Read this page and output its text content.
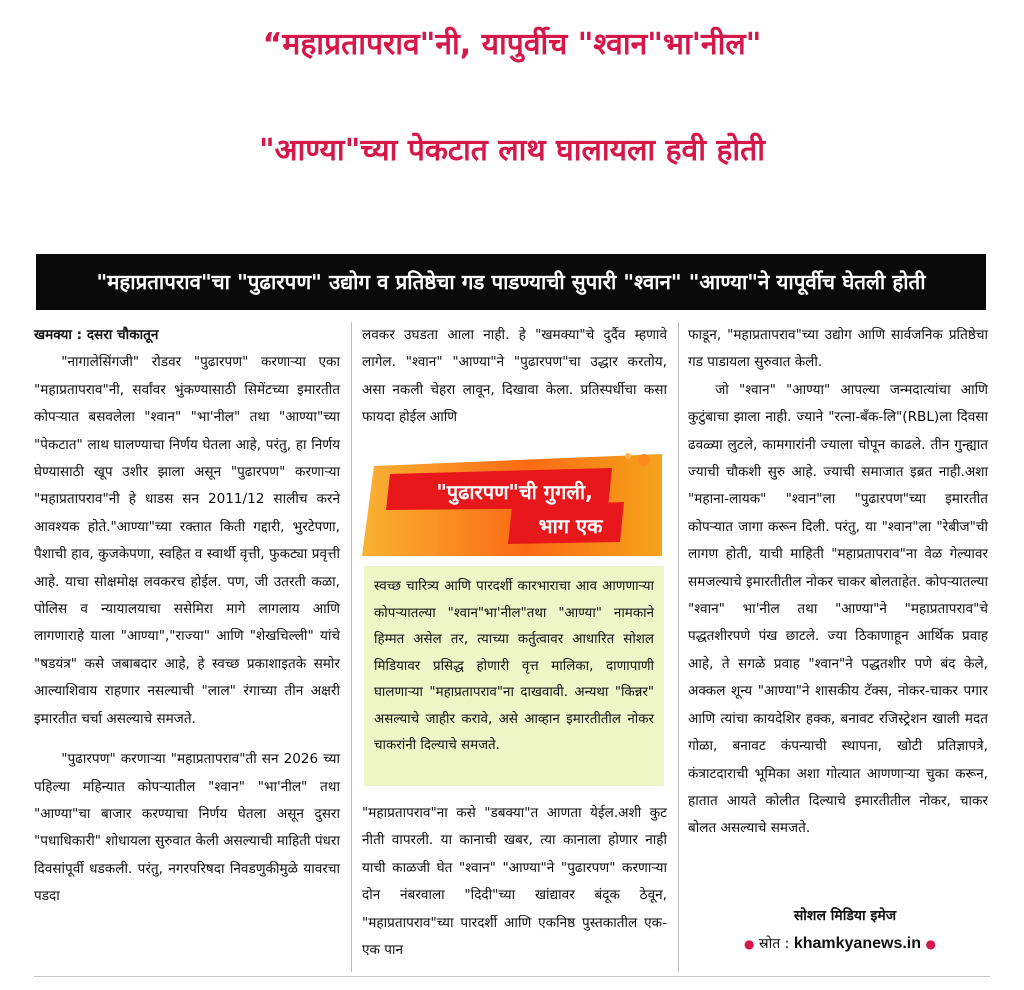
“महाप्रतापराव"नी, यापुर्वीच "श्वान"भा'नील"
"आण्या"च्या पेकटात लाथ घालायला हवी होती
"महाप्रतापराव"चा "पुढारपण" उद्योग व प्रतिष्ठेचा गड पाडण्याची सुपारी "श्वान" "आण्या"ने यापूर्वीच घेतली होती

खमक्या : दसरा चौकातून

"नागालेसिंगजी" रोडवर "पुढारपण" करणाऱ्या एका "महाप्रतापराव"नी, सर्वांवर भुंकण्यासाठी सिमेंटच्या इमारतीत कोपऱ्यात बसवलेला "श्वान" "भा'नील" तथा "आण्या"च्या "पेकटात" लाथ घालण्याचा निर्णय घेतला आहे, परंतु, हा निर्णय घेण्यासाठी खूप उशीर झाला असून "पुढारपण" करणाऱ्या "महाप्रतापराव"नी हे धाडस सन 2011/12 सालीच करने आवश्यक होते."आण्या"च्या रक्तात किती गद्दारी, भुरटेपणा, पैशाची हाव, कुजकेपणा, स्वहित व स्वार्थी वृत्ती, फुकट्या प्रवृत्ती आहे. याचा सोक्षमोक्ष लवकरच होईल. पण, जी उतरती कळा, पोलिस व न्यायालयाचा ससेमिरा मागे लागलाय आणि लागणाराहे याला "आण्या","राज्या" आणि "शेखचिल्ली" यांचे "षडयंत्र" कसे जबाबदार आहे, हे स्वच्छ प्रकाशाइतके समोर आल्याशिवाय राहणार नसल्याची "लाल" रंगाच्या तीन अक्षरी इमारतीत चर्चा असल्याचे समजते.

"पुढारपण" करणाऱ्या "महाप्रतापराव"ती सन 2026 च्या पहिल्या महिन्यात कोपऱ्यातील "श्वान" "भा'नील" तथा "आण्या"चा बाजार करण्याचा निर्णय घेतला असून दुसरा "पधाधिकारी" शोधायला सुरुवात केली असल्याची माहिती पंधरा दिवसांपूर्वी धडकली. परंतु, नगरपरिषदा निवडणुकीमुळे यावरचा पडदा

लवकर उघडता आला नाही. हे "खमक्या"चे दुर्दैव म्हणावे लागेल. "श्वान" "आण्या"ने "पुढारपण"चा उद्धार करतोय, असा नकली चेहरा लावून, दिखावा केला. प्रतिस्पर्धीचा कसा फायदा होईल आणि

"पुढारपण"ची गुगली,
भाग एक

स्वच्छ चारित्र्य आणि पारदर्शी कारभाराचा आव आणणाऱ्या कोपऱ्यातल्या "श्वान"भा'नील"तथा "आण्या" नामकाने हिम्मत असेल तर, त्याच्या कर्तुत्वावर आधारित सोशल मिडियावर प्रसिद्ध होणारी वृत्त मालिका, दाणापाणी घालणाऱ्या "महाप्रतापराव"ना दाखवावी. अन्यथा "किन्नर" असल्याचे जाहीर करावे, असे आव्हान इमारतीतील नोकर चाकरांनी दिल्याचे समजते.

"महाप्रतापराव"ना कसे "डबक्या"त आणता येईल.अशी कुट नीती वापरली. या कानाची खबर, त्या कानाला होणार नाही याची काळजी घेत "श्वान" "आण्या"ने "पुढारपण" करणाऱ्या दोन नंबरवाला "दिदी"च्या खांद्यावर बंदूक ठेवून, "महाप्रतापराव"च्या पारदर्शी आणि एकनिष्ठ पुस्तकातील एक-एक पान

फाडून, "महाप्रतापराव"च्या उद्योग आणि सार्वजनिक प्रतिष्ठेचा गड पाडायला सुरुवात केली.

जो "श्वान" "आण्या" आपल्या जन्मदात्यांचा आणि कुटुंबाचा झाला नाही. ज्याने "रत्ना-बँक-लि"(RBL)ला दिवसा ढवळ्या लुटले, कामगारांनी ज्याला चोपून काढले. तीन गुन्ह्यात ज्याची चौकशी सुरु आहे. ज्याची समाजात इब्रत नाही.अशा "महाना-लायक" "श्वान"ला "पुढारपण"च्या इमारतीत कोपऱ्यात जागा करून दिली. परंतु, या "श्वान"ला "रेबीज"ची लागण होती, याची माहिती "महाप्रतापराव"ना वेळ गेल्यावर समजल्याचे इमारतीतील नोकर चाकर बोलताहेत. कोपऱ्यातल्या "श्वान" भा'नील तथा "आण्या"ने "महाप्रतापराव"चे पद्धतशीरपणे पंख छाटले. ज्या ठिकाणाहून आर्थिक प्रवाह आहे, ते सगळे प्रवाह "श्वान"ने पद्धतशीर पणे बंद केले, अक्कल शून्य "आण्या"ने शासकीय टॅक्स, नोकर-चाकर पगार आणि त्यांचा कायदेशिर हक्क, बनावट रजिस्ट्रेशन खाली मदत गोळा, बनावट कंपन्याची स्थापना, खोटी प्रतिज्ञापत्रे, कंत्राटदाराची भूमिका अशा गोत्यात आणणाऱ्या चुका करून, हातात आयते कोलीत दिल्याचे इमारतीतील नोकर, चाकर बोलत असल्याचे समजते.

सोशल मिडिया इमेज
● स्रोत : khamkyanews.in ●
